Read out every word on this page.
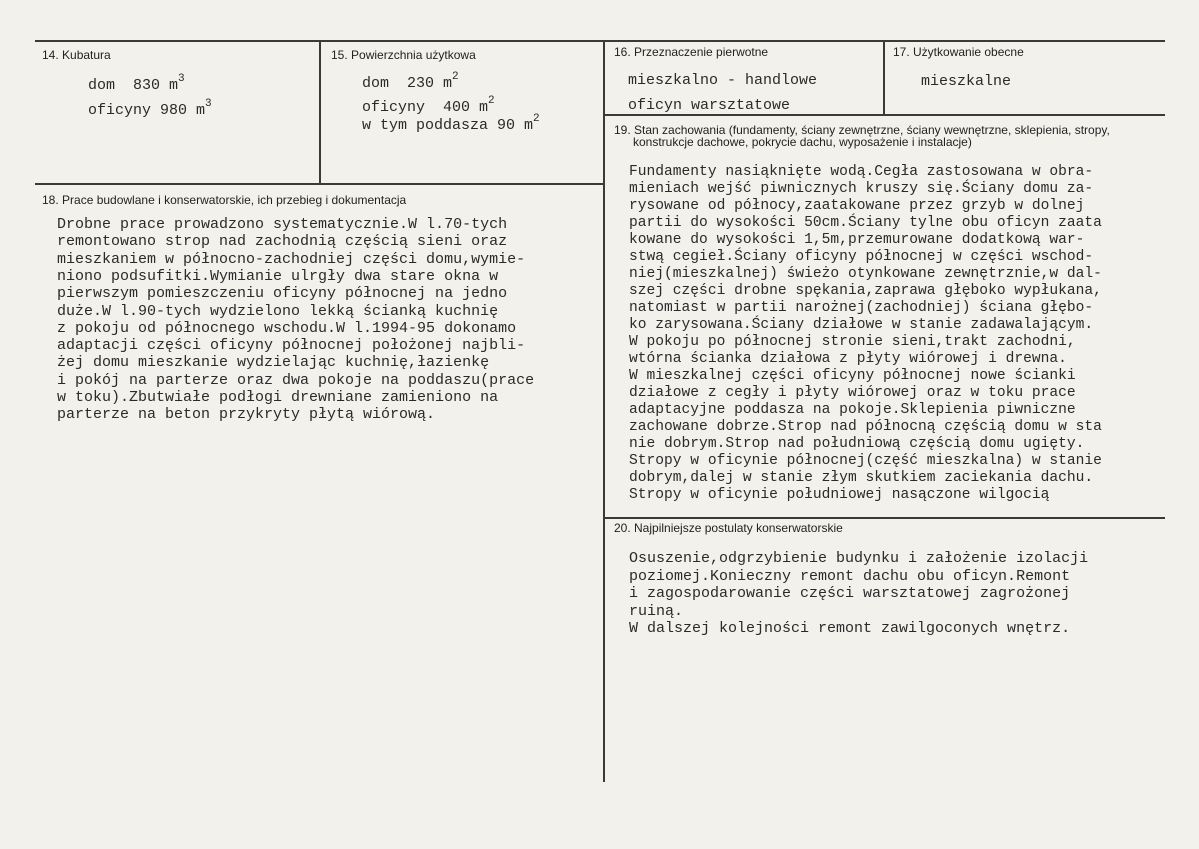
14. Kubatura
dom  830 $m^3$
oficyny 980 $m^3$
15. Powierzchnia użytkowa
dom  230 $m^2$
oficyny  400 $m^2$
w tym poddasza 90 $m^2$
16. Przeznaczenie pierwotne
mieszkalno - handlowe
oficyn warsztatowe
17. Użytkowanie obecne
mieszkalne
18. Prace budowlane i konserwatorskie, ich przebieg i dokumentacja
Drobne prace prowadzono systematycznie.W l.70-tych
remontowano strop nad zachodnią częścią sieni oraz
mieszkaniem w północno-zachodniej części domu,wymie-
niono podsufitki.Wymianie ulrgły dwa stare okna w
pierwszym pomieszczeniu oficyny północnej na jedno
duże.W l.90-tych wydzielono lekką ścianką kuchnię
z pokoju od północnego wschodu.W l.1994-95 dokonamo
adaptacji części oficyny północnej położonej najbli-
żej domu mieszkanie wydzielając kuchnię,łazienkę
i pokój na parterze oraz dwa pokoje na poddaszu(prace
w toku).Zbutwiałe podłogi drewniane zamieniono na
parterze na beton przykryty płytą wiórową.
19. Stan zachowania (fundamenty, ściany zewnętrzne, ściany wewnętrzne, sklepienia, stropy,
konstrukcje dachowe, pokrycie dachu, wyposażenie i instalacje)
Fundamenty nasiąknięte wodą.Cegła zastosowana w obra-
mieniach wejść piwnicznych kruszy się.Ściany domu za-
rysowane od północy,zaatakowane przez grzyb w dolnej
partii do wysokości 50cm.Ściany tylne obu oficyn zaata
kowane do wysokości 1,5m,przemurowane dodatkową war-
stwą cegieł.Ściany oficyny północnej w części wschod-
niej(mieszkalnej) świeżo otynkowane zewnętrznie,w dal-
szej części drobne spękania,zaprawa głęboko wypłukana,
natomiast w partii narożnej(zachodniej) ściana głębo-
ko zarysowana.Ściany działowe w stanie zadawalającym.
W pokoju po północnej stronie sieni,trakt zachodni,
wtórna ścianka działowa z płyty wiórowej i drewna.
W mieszkalnej części oficyny północnej nowe ścianki
działowe z cegły i płyty wiórowej oraz w toku prace
adaptacyjne poddasza na pokoje.Sklepienia piwniczne
zachowane dobrze.Strop nad północną częścią domu w sta
nie dobrym.Strop nad południową częścią domu ugięty.
Stropy w oficynie północnej(część mieszkalna) w stanie
dobrym,dalej w stanie złym skutkiem zaciekania dachu.
Stropy w oficynie południowej nasączone wilgocią
20. Najpilniejsze postulaty konserwatorskie
Osuszenie,odgrzybienie budynku i założenie izolacji
poziomej.Konieczny remont dachu obu oficyn.Remont
i zagospodarowanie części warsztatowej zagrożonej
ruiną.
W dalszej kolejności remont zawilgoconych wnętrz.
